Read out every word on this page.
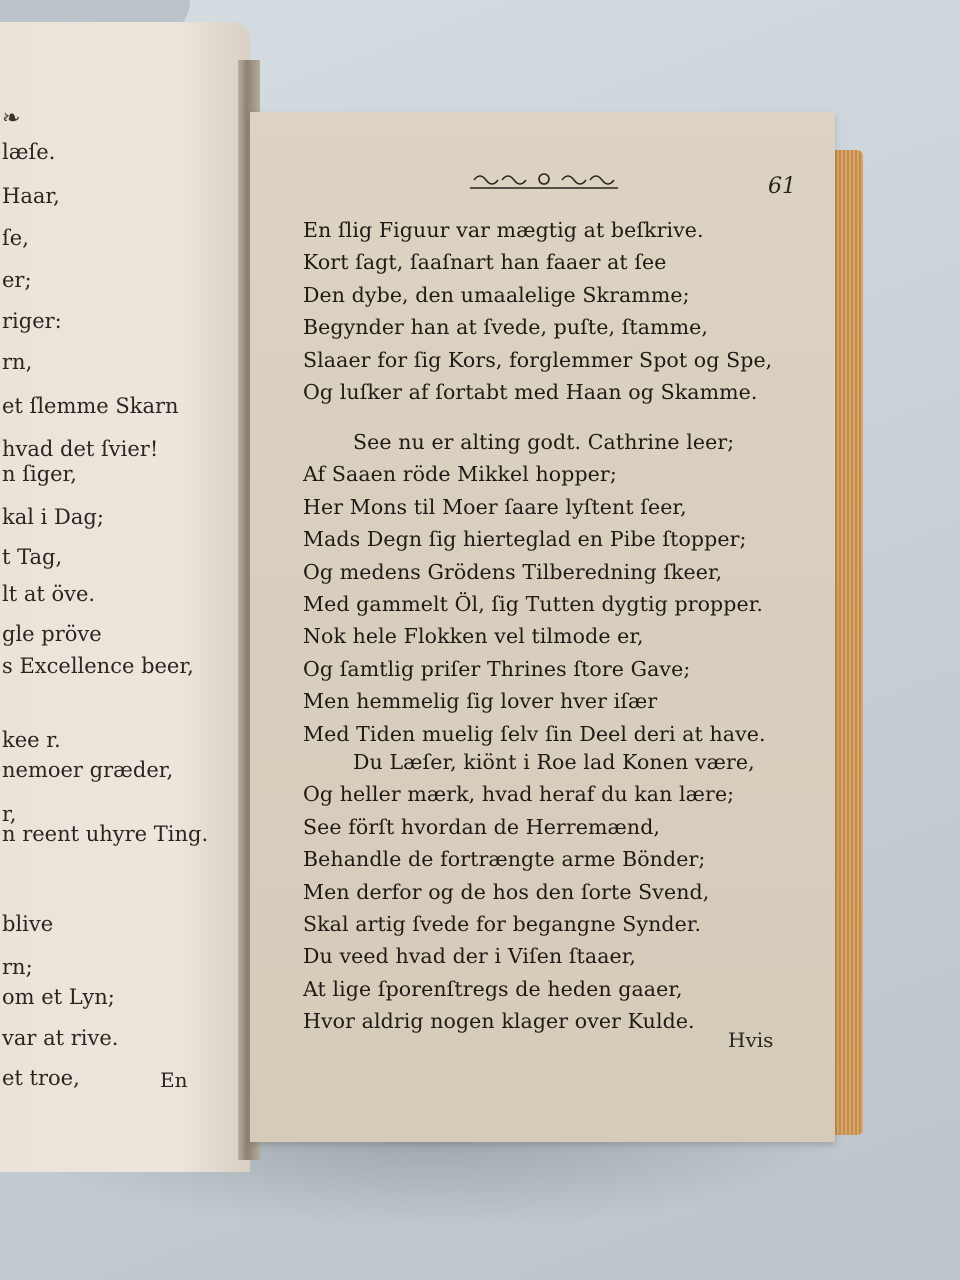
❧
læſe.
Haar,
ſe,
er;
riger:
rn,
et ſlemme Skarn
hvad det ſvier!
n ſiger,
kal i Dag;
t Tag,
lt at öve.
gle pröve
s Excellence beer,
kee r.
nemoer græder,
r,
n reent uhyre Ting.
blive
rn;
om et Lyn;
var at rive.
et troe,	En
61
En ſlig Figuur var mægtig at beſkrive.
Kort ſagt, ſaaſnart han faaer at ſee
Den dybe, den umaalelige Skramme;
Begynder han at ſvede, puſte, ſtamme,
Slaaer for ſig Kors, forglemmer Spot og Spe,
Og luſker af ſortabt med Haan og Skamme.
See nu er alting godt. Cathrine leer;
Af Saaen röde Mikkel hopper;
Her Mons til Moer ſaare lyſtent ſeer,
Mads Degn ſig hierteglad en Pibe ſtopper;
Og medens Grödens Tilberedning ſkeer,
Med gammelt Öl, ſig Tutten dygtig propper.
Nok hele Flokken vel tilmode er,
Og ſamtlig priſer Thrines ſtore Gave;
Men hemmelig ſig lover hver iſær
Med Tiden muelig ſelv ſin Deel deri at have.
Du Læſer, kiönt i Roe lad Konen være,
Og heller mærk, hvad heraf du kan lære;
See förſt hvordan de Herremænd,
Behandle de fortrængte arme Bönder;
Men derfor og de hos den ſorte Svend,
Skal artig ſvede for begangne Synder.
Du veed hvad der i Viſen ſtaaer,
At lige ſporenſtregs de heden gaaer,
Hvor aldrig nogen klager over Kulde.
Hvis
